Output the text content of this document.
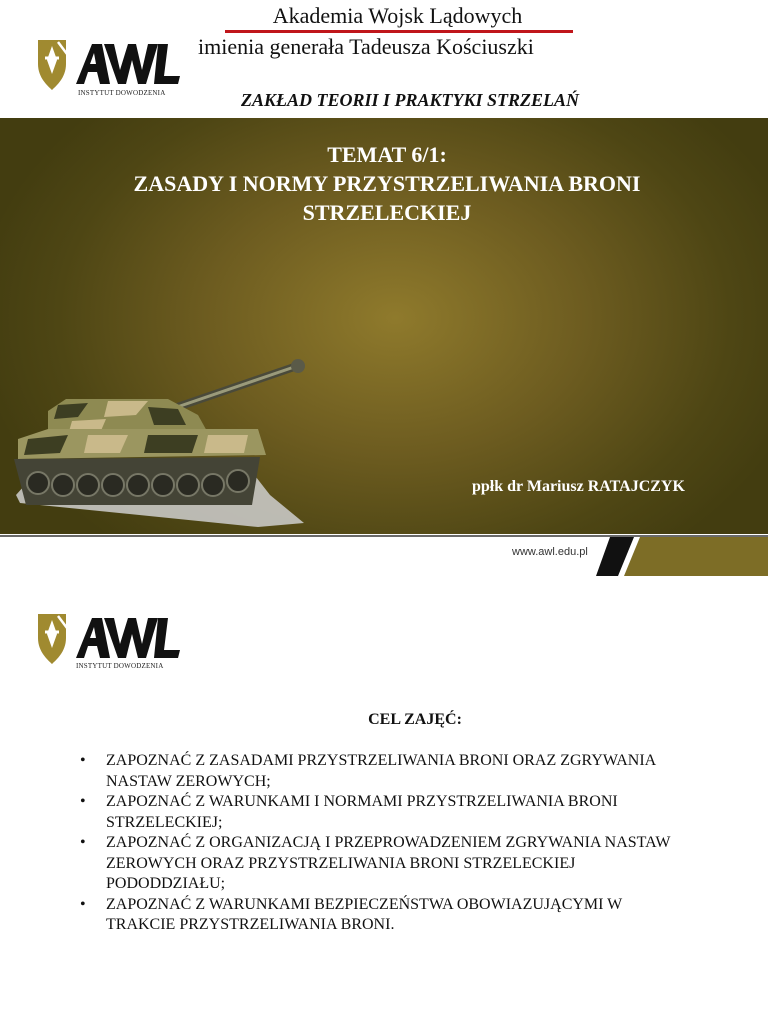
INSTYTUT DOWODZENIA
Akademia Wojsk Lądowych
imienia generała Tadeusza Kościuszki
ZAKŁAD TEORII I PRAKTYKI STRZELAŃ
TEMAT 6/1:
ZASADY I NORMY PRZYSTRZELIWANIA BRONI
STRZELECKIEJ
ppłk dr Mariusz RATAJCZYK
www.awl.edu.pl
INSTYTUT DOWODZENIA
CEL ZAJĘĆ:
• ZAPOZNAĆ Z ZASADAMI PRZYSTRZELIWANIA BRONI ORAZ ZGRYWANIA
NASTAW ZEROWYCH;
• ZAPOZNAĆ Z WARUNKAMI I NORMAMI PRZYSTRZELIWANIA BRONI
STRZELECKIEJ;
• ZAPOZNAĆ Z ORGANIZACJĄ I PRZEPROWADZENIEM ZGRYWANIA NASTAW
ZEROWYCH ORAZ PRZYSTRZELIWANIA BRONI STRZELECKIEJ
PODODDZIAŁU;
• ZAPOZNAĆ Z WARUNKAMI BEZPIECZEŃSTWA OBOWIAZUJĄCYMI W
TRAKCIE PRZYSTRZELIWANIA BRONI.
